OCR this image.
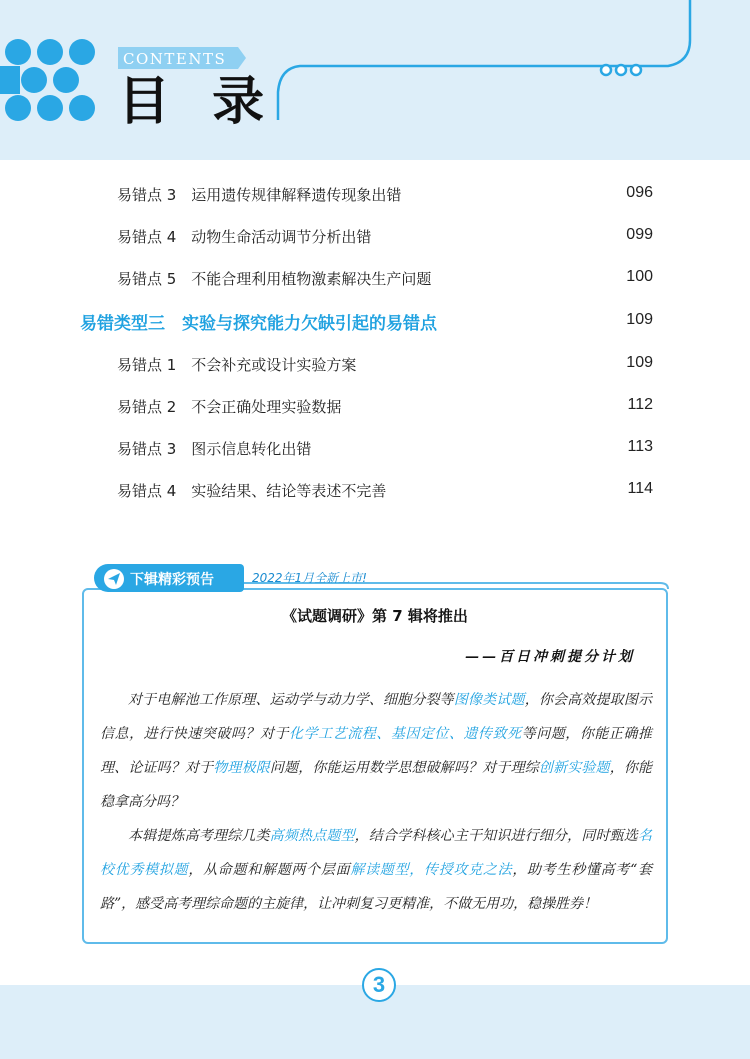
CONTENTS
目 录
易错点 3　运用遗传规律解释遗传现象出错	096
易错点 4　动物生命活动调节分析出错	099
易错点 5　不能合理利用植物激素解决生产问题	100
易错类型三　实验与探究能力欠缺引起的易错点	109
易错点 1　不会补充或设计实验方案	109
易错点 2　不会正确处理实验数据	112
易错点 3　图示信息转化出错	113
易错点 4　实验结果、结论等表述不完善	114
下辑精彩预告	2022年1月全新上市!
《试题调研》第 7 辑将推出
——百日冲刺提分计划

对于电解池工作原理、运动学与动力学、细胞分裂等图像类试题，你会高效提取图示信息，进行快速突破吗？对于化学工艺流程、基因定位、遗传致死等问题，你能正确推理、论证吗？对于物理极限问题，你能运用数学思想破解吗？对于理综创新实验题，你能稳拿高分吗？

本辑提炼高考理综几类高频热点题型，结合学科核心主干知识进行细分，同时甄选名校优秀模拟题，从命题和解题两个层面解读题型，传授攻克之法，助考生秒懂高考“套路”，感受高考理综命题的主旋律，让冲刺复习更精准，不做无用功，稳操胜券！

3
